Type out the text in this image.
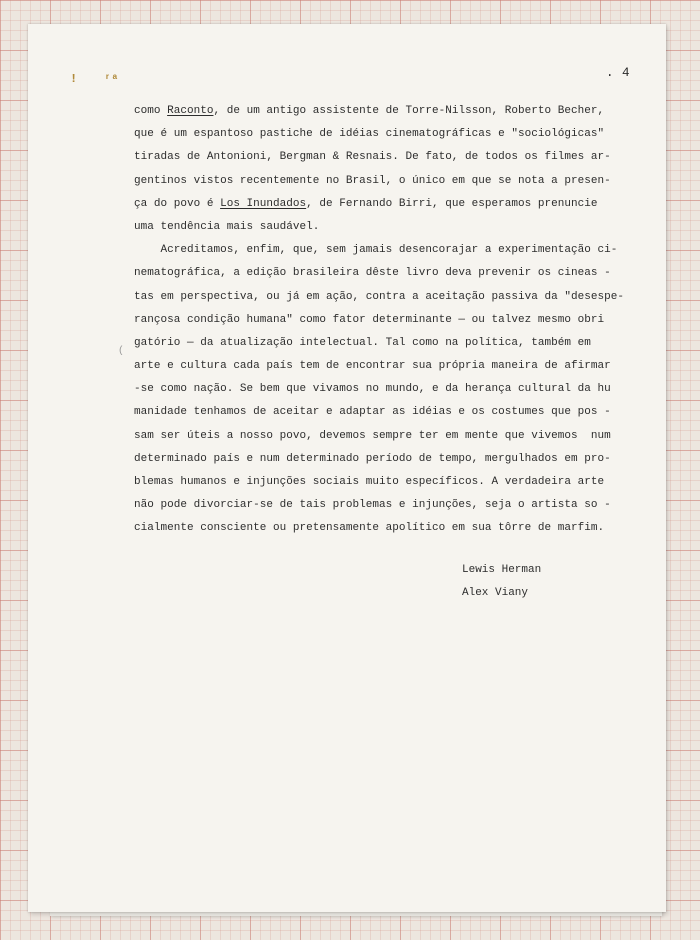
! ʳᵃ	. 4
(
como Raconto, de um antigo assistente de Torre-Nilsson, Roberto Becher,
que é um espantoso pastiche de idéias cinematográficas e "sociológicas"
tiradas de Antonioni, Bergman & Resnais. De fato, de todos os filmes ar-
gentinos vistos recentemente no Brasil, o único em que se nota a presen-
ça do povo é Los Inundados, de Fernando Birri, que esperamos prenuncie
uma tendência mais saudável.
Acreditamos, enfim, que, sem jamais desencorajar a experimentação ci-
nematográfica, a edição brasileira dêste livro deva prevenir os cineas -
tas em perspectiva, ou já em ação, contra a aceitação passiva da "desespe-
rançosa condição humana" como fator determinante — ou talvez mesmo obri
gatório — da atualização intelectual. Tal como na política, também em
arte e cultura cada país tem de encontrar sua própria maneira de afirmar
-se como nação. Se bem que vivamos no mundo, e da herança cultural da hu
manidade tenhamos de aceitar e adaptar as idéias e os costumes que pos -
sam ser úteis a nosso povo, devemos sempre ter em mente que vivemos  num
determinado país e num determinado período de tempo, mergulhados em pro-
blemas humanos e injunções sociais muito específicos. A verdadeira arte
não pode divorciar-se de tais problemas e injunções, seja o artista so -
cialmente consciente ou pretensamente apolítico em sua tôrre de marfim.
Lewis Herman
Alex Viany
